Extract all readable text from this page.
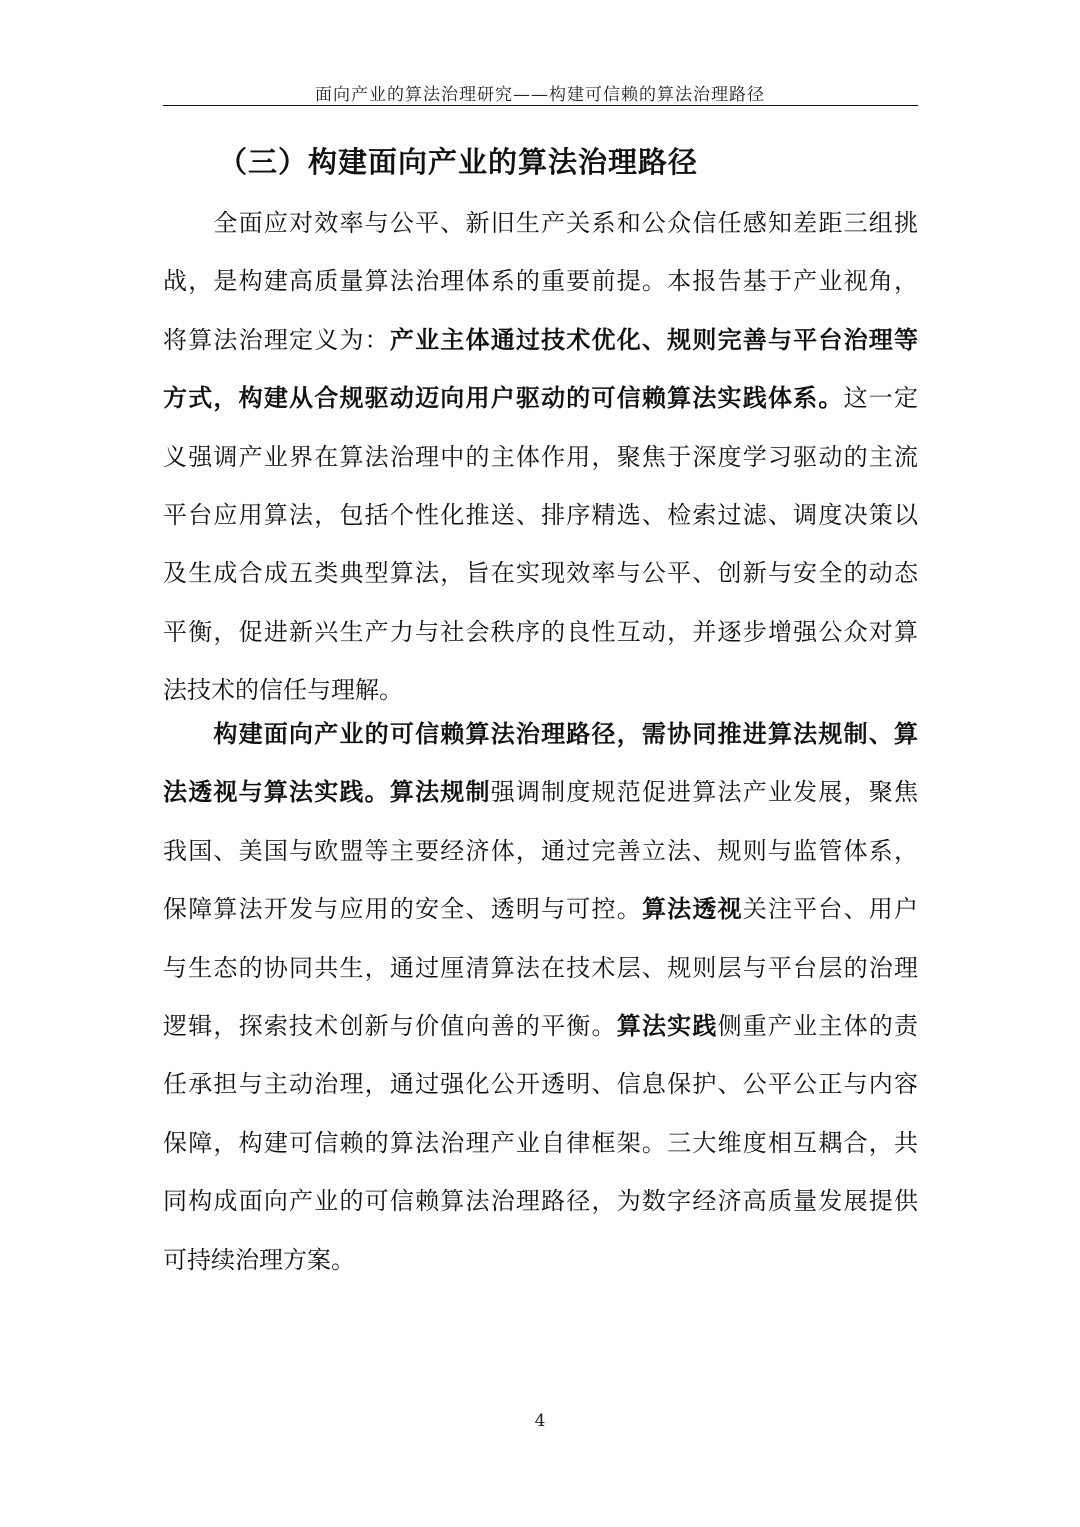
面向产业的算法治理研究——构建可信赖的算法治理路径
（三）构建面向产业的算法治理路径
　　全面应对效率与公平、新旧生产关系和公众信任感知差距三组挑
战，是构建高质量算法治理体系的重要前提。本报告基于产业视角，
将算法治理定义为：产业主体通过技术优化、规则完善与平台治理等
方式，构建从合规驱动迈向用户驱动的可信赖算法实践体系。这一定
义强调产业界在算法治理中的主体作用，聚焦于深度学习驱动的主流
平台应用算法，包括个性化推送、排序精选、检索过滤、调度决策以
及生成合成五类典型算法，旨在实现效率与公平、创新与安全的动态
平衡，促进新兴生产力与社会秩序的良性互动，并逐步增强公众对算
法技术的信任与理解。
　　构建面向产业的可信赖算法治理路径，需协同推进算法规制、算
法透视与算法实践。算法规制强调制度规范促进算法产业发展，聚焦
我国、美国与欧盟等主要经济体，通过完善立法、规则与监管体系，
保障算法开发与应用的安全、透明与可控。算法透视关注平台、用户
与生态的协同共生，通过厘清算法在技术层、规则层与平台层的治理
逻辑，探索技术创新与价值向善的平衡。算法实践侧重产业主体的责
任承担与主动治理，通过强化公开透明、信息保护、公平公正与内容
保障，构建可信赖的算法治理产业自律框架。三大维度相互耦合，共
同构成面向产业的可信赖算法治理路径，为数字经济高质量发展提供
可持续治理方案。
4
